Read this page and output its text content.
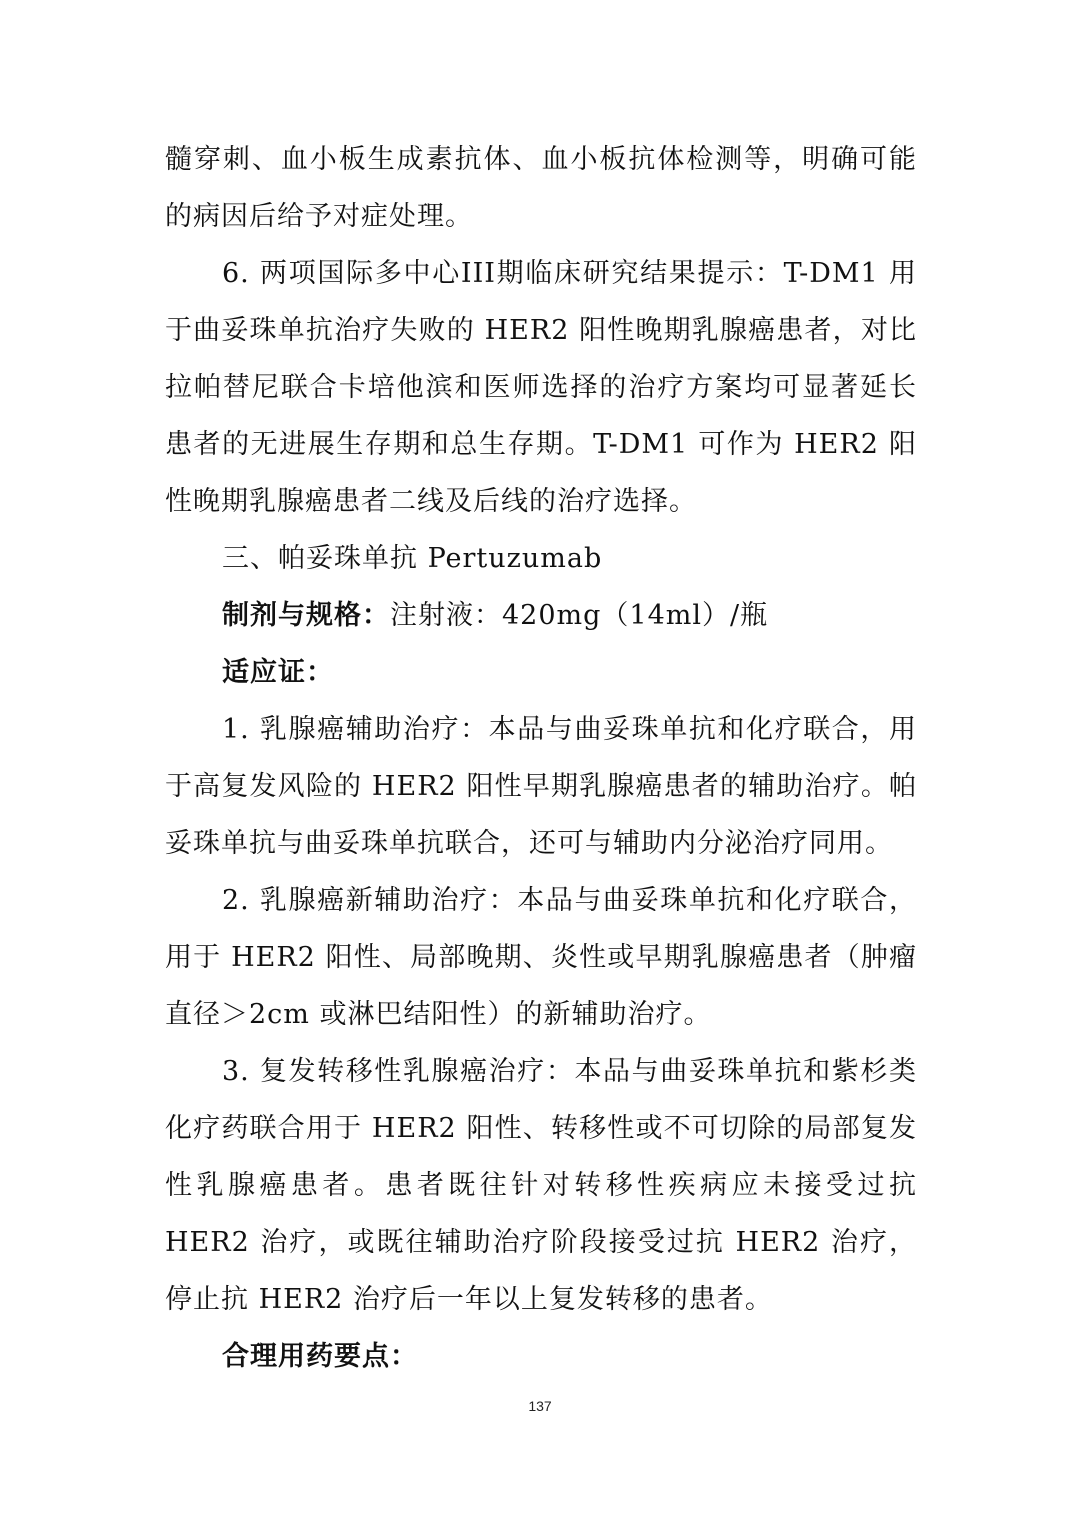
髓穿刺、血小板生成素抗体、血小板抗体检测等，明确可能的病因后给予对症处理。

6. 两项国际多中心III期临床研究结果提示：T-DM1 用于曲妥珠单抗治疗失败的 HER2 阳性晚期乳腺癌患者，对比拉帕替尼联合卡培他滨和医师选择的治疗方案均可显著延长患者的无进展生存期和总生存期。T-DM1 可作为 HER2 阳性晚期乳腺癌患者二线及后线的治疗选择。

三、帕妥珠单抗 Pertuzumab

制剂与规格：注射液：420mg（14ml）/瓶

适应证：

1. 乳腺癌辅助治疗：本品与曲妥珠单抗和化疗联合，用于高复发风险的 HER2 阳性早期乳腺癌患者的辅助治疗。帕妥珠单抗与曲妥珠单抗联合，还可与辅助内分泌治疗同用。

2. 乳腺癌新辅助治疗：本品与曲妥珠单抗和化疗联合，用于 HER2 阳性、局部晚期、炎性或早期乳腺癌患者（肿瘤直径＞2cm 或淋巴结阳性）的新辅助治疗。

3. 复发转移性乳腺癌治疗：本品与曲妥珠单抗和紫杉类化疗药联合用于 HER2 阳性、转移性或不可切除的局部复发性乳腺癌患者。患者既往针对转移性疾病应未接受过抗 HER2 治疗，或既往辅助治疗阶段接受过抗 HER2 治疗，停止抗 HER2 治疗后一年以上复发转移的患者。

合理用药要点：

137
